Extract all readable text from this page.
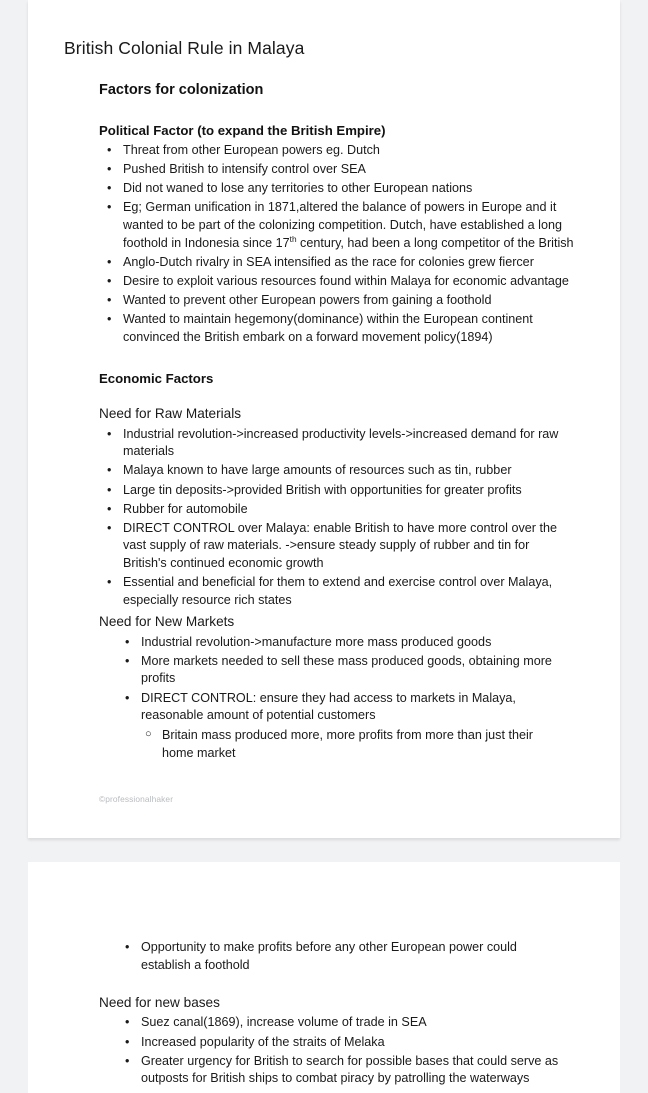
British Colonial Rule in Malaya
Factors for colonization
Political Factor (to expand the British Empire)
• Threat from other European powers eg. Dutch
• Pushed British to intensify control over SEA
• Did not waned to lose any territories to other European nations
• Eg; German unification in 1871,altered the balance of powers in Europe and it wanted to be part of the colonizing competition. Dutch, have established a long foothold in Indonesia since 17th century, had been a long competitor of the British
• Anglo-Dutch rivalry in SEA intensified as the race for colonies grew fiercer
• Desire to exploit various resources found within Malaya for economic advantage
• Wanted to prevent other European powers from gaining a foothold
• Wanted to maintain hegemony(dominance) within the European continent convinced the British embark on a forward movement policy(1894)
Economic Factors
Need for Raw Materials
• Industrial revolution->increased productivity levels->increased demand for raw materials
• Malaya known to have large amounts of resources such as tin, rubber
• Large tin deposits->provided British with opportunities for greater profits
• Rubber for automobile
• DIRECT CONTROL over Malaya: enable British to have more control over the vast supply of raw materials. ->ensure steady supply of rubber and tin for British's continued economic growth
• Essential and beneficial for them to extend and exercise control over Malaya, especially resource rich states
Need for New Markets
• Industrial revolution->manufacture more mass produced goods
• More markets needed to sell these mass produced goods, obtaining more profits
• DIRECT CONTROL: ensure they had access to markets in Malaya, reasonable amount of potential customers
○ Britain mass produced more, more profits from more than just their home market
©professionalhaker
• Opportunity to make profits before any other European power could establish a foothold
Need for new bases
• Suez canal(1869), increase volume of trade in SEA
• Increased popularity of the straits of Melaka
• Greater urgency for British to search for possible bases that could serve as outposts for British ships to combat piracy by patrolling the waterways
